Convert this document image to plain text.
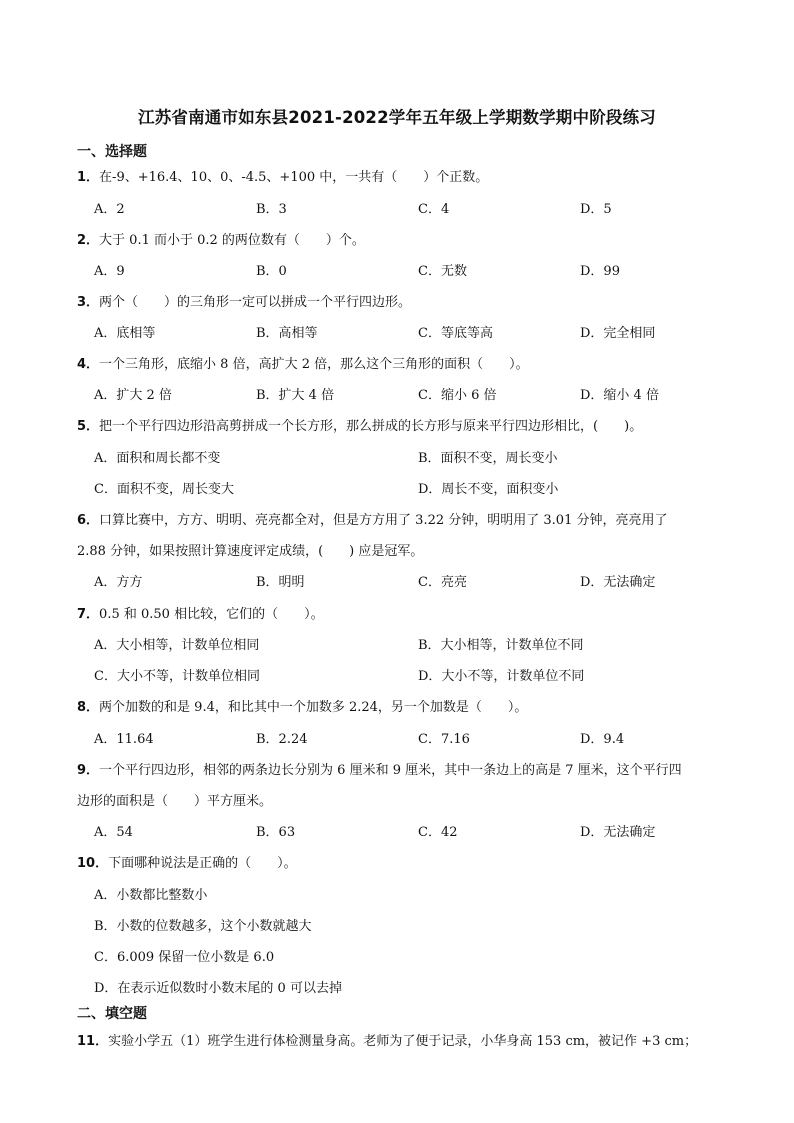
江苏省南通市如东县2021-2022学年五年级上学期数学期中阶段练习
一、选择题
1．在-9、+16.4、10、0、-4.5、+100 中，一共有（　　）个正数。
A．2	B．3	C．4	D．5
2．大于 0.1 而小于 0.2 的两位数有（　　）个。
A．9	B．0	C．无数	D．99
3．两个（　　）的三角形一定可以拼成一个平行四边形。
A．底相等	B．高相等	C．等底等高	D．完全相同
4．一个三角形，底缩小 8 倍，高扩大 2 倍，那么这个三角形的面积（　　）。
A．扩大 2 倍	B．扩大 4 倍	C．缩小 6 倍	D．缩小 4 倍
5．把一个平行四边形沿高剪拼成一个长方形，那么拼成的长方形与原来平行四边形相比，(　　)。
A．面积和周长都不变	B．面积不变，周长变小
C．面积不变，周长变大	D．周长不变，面积变小
6．口算比赛中，方方、明明、亮亮都全对，但是方方用了 3.22 分钟，明明用了 3.01 分钟，亮亮用了
2.88 分钟，如果按照计算速度评定成绩，(　　) 应是冠军。
A．方方	B．明明	C．亮亮	D．无法确定
7．0.5 和 0.50 相比较，它们的（　　）。
A．大小相等，计数单位相同	B．大小相等，计数单位不同
C．大小不等，计数单位相同	D．大小不等，计数单位不同
8．两个加数的和是 9.4，和比其中一个加数多 2.24，另一个加数是（　　）。
A．11.64	B．2.24	C．7.16	D．9.4
9．一个平行四边形，相邻的两条边长分别为 6 厘米和 9 厘米，其中一条边上的高是 7 厘米，这个平行四
边形的面积是（　　）平方厘米。
A．54	B．63	C．42	D．无法确定
10．下面哪种说法是正确的（　　）。
A．小数都比整数小
B．小数的位数越多，这个小数就越大
C．6.009 保留一位小数是 6.0
D．在表示近似数时小数末尾的 0 可以去掉
二、填空题
11．实验小学五（1）班学生进行体检测量身高。老师为了便于记录，小华身高 153 cm，被记作 +3 cm；
